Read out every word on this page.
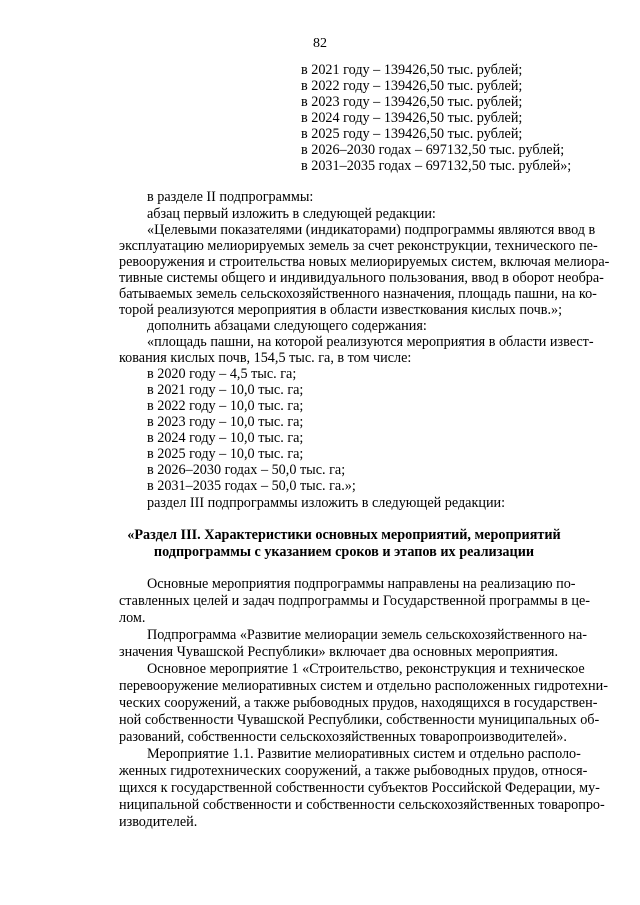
82
в 2021 году – 139426,50 тыс. рублей;
в 2022 году – 139426,50 тыс. рублей;
в 2023 году – 139426,50 тыс. рублей;
в 2024 году – 139426,50 тыс. рублей;
в 2025 году – 139426,50 тыс. рублей;
в 2026–2030 годах – 697132,50 тыс. рублей;
в 2031–2035 годах – 697132,50 тыс. рублей»;
в разделе II подпрограммы:
абзац первый изложить в следующей редакции:
«Целевыми показателями (индикаторами) подпрограммы являются ввод в
эксплуатацию мелиорируемых земель за счет реконструкции, технического пе-
ревооружения и строительства новых мелиорируемых систем, включая мелиора-
тивные системы общего и индивидуального пользования, ввод в оборот необра-
батываемых земель сельскохозяйственного назначения, площадь пашни, на ко-
торой реализуются мероприятия в области известкования кислых почв.»;
дополнить абзацами следующего содержания:
«площадь пашни, на которой реализуются мероприятия в области извест-
кования кислых почв, 154,5 тыс. га, в том числе:
в 2020 году – 4,5 тыс. га;
в 2021 году – 10,0 тыс. га;
в 2022 году – 10,0 тыс. га;
в 2023 году – 10,0 тыс. га;
в 2024 году – 10,0 тыс. га;
в 2025 году – 10,0 тыс. га;
в 2026–2030 годах – 50,0 тыс. га;
в 2031–2035 годах – 50,0 тыс. га.»;
раздел III подпрограммы изложить в следующей редакции:
«Раздел III. Характеристики основных мероприятий, мероприятий
подпрограммы с указанием сроков и этапов их реализации
Основные мероприятия подпрограммы направлены на реализацию по-
ставленных целей и задач подпрограммы и Государственной программы в це-
лом.
Подпрограмма «Развитие мелиорации земель сельскохозяйственного на-
значения Чувашской Республики» включает два основных мероприятия.
Основное мероприятие 1 «Строительство, реконструкция и техническое
перевооружение мелиоративных систем и отдельно расположенных гидротехни-
ческих сооружений, а также рыбоводных прудов, находящихся в государствен-
ной собственности Чувашской Республики, собственности муниципальных об-
разований, собственности сельскохозяйственных товаропроизводителей».
Мероприятие 1.1. Развитие мелиоративных систем и отдельно располо-
женных гидротехнических сооружений, а также рыбоводных прудов, относя-
щихся к государственной собственности субъектов Российской Федерации, му-
ниципальной собственности и собственности сельскохозяйственных товаропро-
изводителей.
